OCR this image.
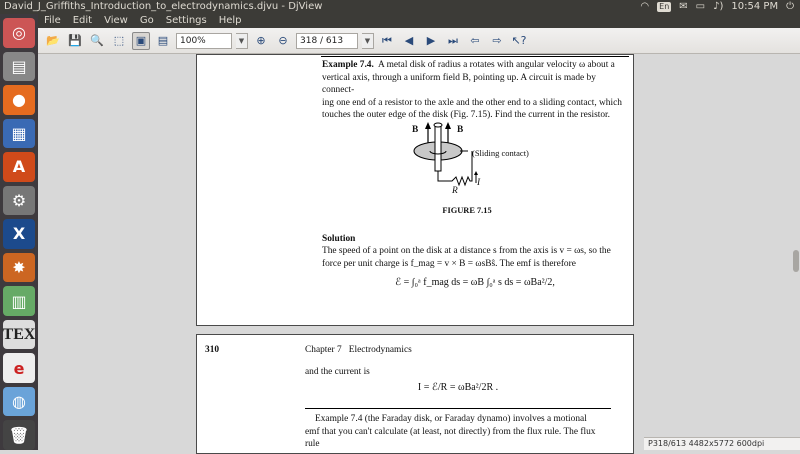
David_J_Griffiths_Introduction_to_electrodynamics.djvu - DjView	◠ En ✉ ▭ ♪) 10:54 PM ⏻
File Edit View Go Settings Help
📂 💾 🔍 ⬚	▣	▤	100%	▼	⊕	⊖	318 / 613	▼	⏮	◀	▶	⏭	⇦	⇨ ↖?
◎
▤
●
▦
A
⚙
X
✸
▥
TEX
e
◍
🗑
Example 7.4. A metal disk of radius a rotates with angular velocity ω about a
vertical axis, through a uniform field B, pointing up. A circuit is made by connect-
ing one end of a resistor to the axle and the other end to a sliding contact, which
touches the outer edge of the disk (Fig. 7.15). Find the current in the resistor.
B	B
(Sliding contact)
R
I
FIGURE 7.15
Solution
The speed of a point on the disk at a distance s from the axis is v = ωs, so the
force per unit charge is f_mag = v × B = ωsBŝ. The emf is therefore
ℰ = ∫₀ᵃ f_mag ds = ωB ∫₀ᵃ s ds = ωBa²/2,
310	Chapter 7 Electrodynamics
and the current is
I = ℰ/R = ωBa²/2R .
Example 7.4 (the Faraday disk, or Faraday dynamo) involves a motional
emf that you can't calculate (at least, not directly) from the flux rule. The flux rule	P318/613 4482x5772 600dpi
